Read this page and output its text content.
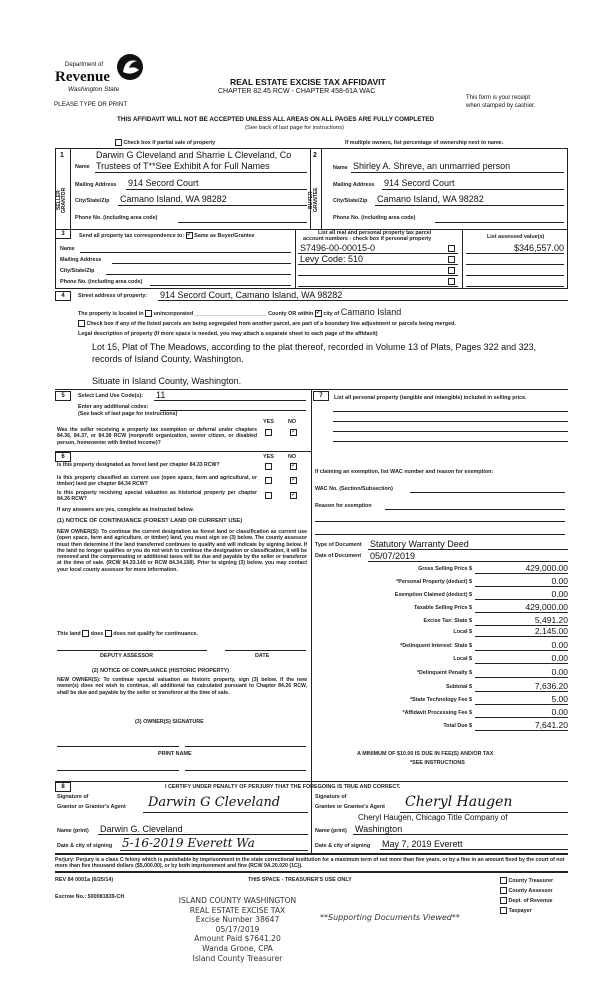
Department of
Revenue
Washington State
PLEASE TYPE OR PRINT
REAL ESTATE EXCISE TAX AFFIDAVIT
CHAPTER 82.45 RCW - CHAPTER 458-61A WAC
This form is your receipt
when stamped by cashier.
THIS AFFIDAVIT WILL NOT BE ACCEPTED UNLESS ALL AREAS ON ALL PAGES ARE FULLY COMPLETED
(See back of last page for instructions)
Check box if partial sale of property	If multiple owners, list percentage of ownership next to name.
1	2
SELLER GRANTOR	BUYER GRANTEE
Darwin G Cleveland and Sharrie L Cleveland, Co
Name Trustees of T**See Exhibit A for Full Names
Mailing Address 914 Secord Court
City/State/Zip Camano Island, WA 98282
Phone No. (including area code)
Name Shirley A. Shreve, an unmarried person
Mailing Address 914 Secord Court
City/State/Zip Camano Island, WA 98282
Phone No. (including area code)
3	Send all property tax correspondence to: ✓ Same as Buyer/Grantee
Name
Mailing Address
City/State/Zip
Phone No. (including area code)
List all real and personal property tax parcel
account numbers - check box if personal property	List assessed value(s)
S7496-00-00015-0	$346,557.00
Levy Code: 510
4	Street address of property: 914 Secord Court, Camano Island, WA 98282
The property is located in unincorporated ________________________ County OR within ✓ city of Camano Island
Check box if any of the listed parcels are being segregated from another parcel, are part of a boundary line adjustment or parcels being merged.
Legal description of property (If more space is needed, you may attach a separate sheet to each page of the affidavit)
Lot 15, Plat of The Meadows, according to the plat thereof, recorded in Volume 13 of Plats, Pages 322 and 323,
records of Island County, Washington.
Situate in Island County, Washington.
5	Select Land Use Code(s): 11
Enter any additional codes:
(See back of last page for instructions)
YES	NO
Was the seller receiving a property tax exemption or deferral under chapters 84.36, 84.37, or 84.38 RCW (nonprofit organization, senior citizen, or disabled person, homeowner with limited income)?
✓
6	YES	NO
Is this property designated as forest land per chapter 84.33 RCW?	✓
Is this property classified as current use (open space, farm and agricultural, or timber) land per chapter 84.34 RCW?
✓
Is this property receiving special valuation as historical property per chapter 84.26 RCW?
✓
If any answers are yes, complete as instructed below.
(1) NOTICE OF CONTINUANCE (FOREST LAND OR CURRENT USE)
NEW OWNER(S): To continue the current designation as forest land or classification as current use (open space, farm and agriculture, or timber) land, you must sign on (3) below. The county assessor must then determine if the land transferred continues to qualify and will indicate by signing below. If the land no longer qualifies or you do not wish to continue the designation or classification, it will be removed and the compensating or additional taxes will be due and payable by the seller or transferor at the time of sale. (RCW 84.33.140 or RCW 84.34.108). Prior to signing (3) below, you may contact your local county assessor for more information.
This land does does not qualify for continuance.
DEPUTY ASSESSOR	DATE
(2) NOTICE OF COMPLIANCE (HISTORIC PROPERTY)
NEW OWNER(S): To continue special valuation as historic property, sign (3) below. If the new owner(s) does not wish to continue, all additional tax calculated pursuant to Chapter 84.26 RCW, shall be due and payable by the seller or transferor at the time of sale.
(3) OWNER(S) SIGNATURE
PRINT NAME
7	List all personal property (tangible and intangible) included in selling price.
If claiming an exemption, list WAC number and reason for exemption:
WAC No. (Section/Subsection)
Reason for exemption
Type of Document Statutory Warranty Deed
Date of Document 05/07/2019
Gross Selling Price $	429,000.00
*Personal Property (deduct) $	0.00
Exemption Claimed (deduct) $	0.00
Taxable Selling Price $	429,000.00
Excise Tax: State $	5,491.20
Local $	2,145.00
*Delinquent Interest: State $	0.00
Local $	0.00
*Delinquent Penalty $	0.00
Subtotal $	7,636.20
*State Technology Fee $	5.00
*Affidavit Processing Fee $	0.00
Total Due $	7,641.20
A MINIMUM OF $10.00 IS DUE IN FEE(S) AND/OR TAX
*SEE INSTRUCTIONS
8	I CERTIFY UNDER PENALTY OF PERJURY THAT THE FOREGOING IS TRUE AND CORRECT.
Signature of
Grantor or Grantor's Agent Darwin G Cleveland	Signature of
Grantee or Grantee's Agent Cheryl Haugen
Cheryl Haugen, Chicago Title Company of
Name (print) Darwin G. Cleveland	Name (print) Washington
Date & city of signing 5-16-2019 Everett Wa	Date & city of signing May 7, 2019 Everett
Perjury: Perjury is a class C felony which is punishable by imprisonment in the state correctional institution for a maximum term of not more than five years, or by a fine in an amount fixed by the court of not more than five thousand dollars ($5,000.00), or by both imprisonment and fine (RCW 9A.20.020 (1C)).
REV 84 0001a (6/25/14)	THIS SPACE - TREASURER'S USE ONLY
Escrow No.: 500081839-CH
County Treasurer
County Assessor
Dept. of Revenue
Taxpayer
ISLAND COUNTY WASHINGTON
REAL ESTATE EXCISE TAX
Excise Number 38647
05/17/2019
Amount Paid $7641.20
Wanda Grone, CPA
Island County Treasurer
**Supporting Documents Viewed**
